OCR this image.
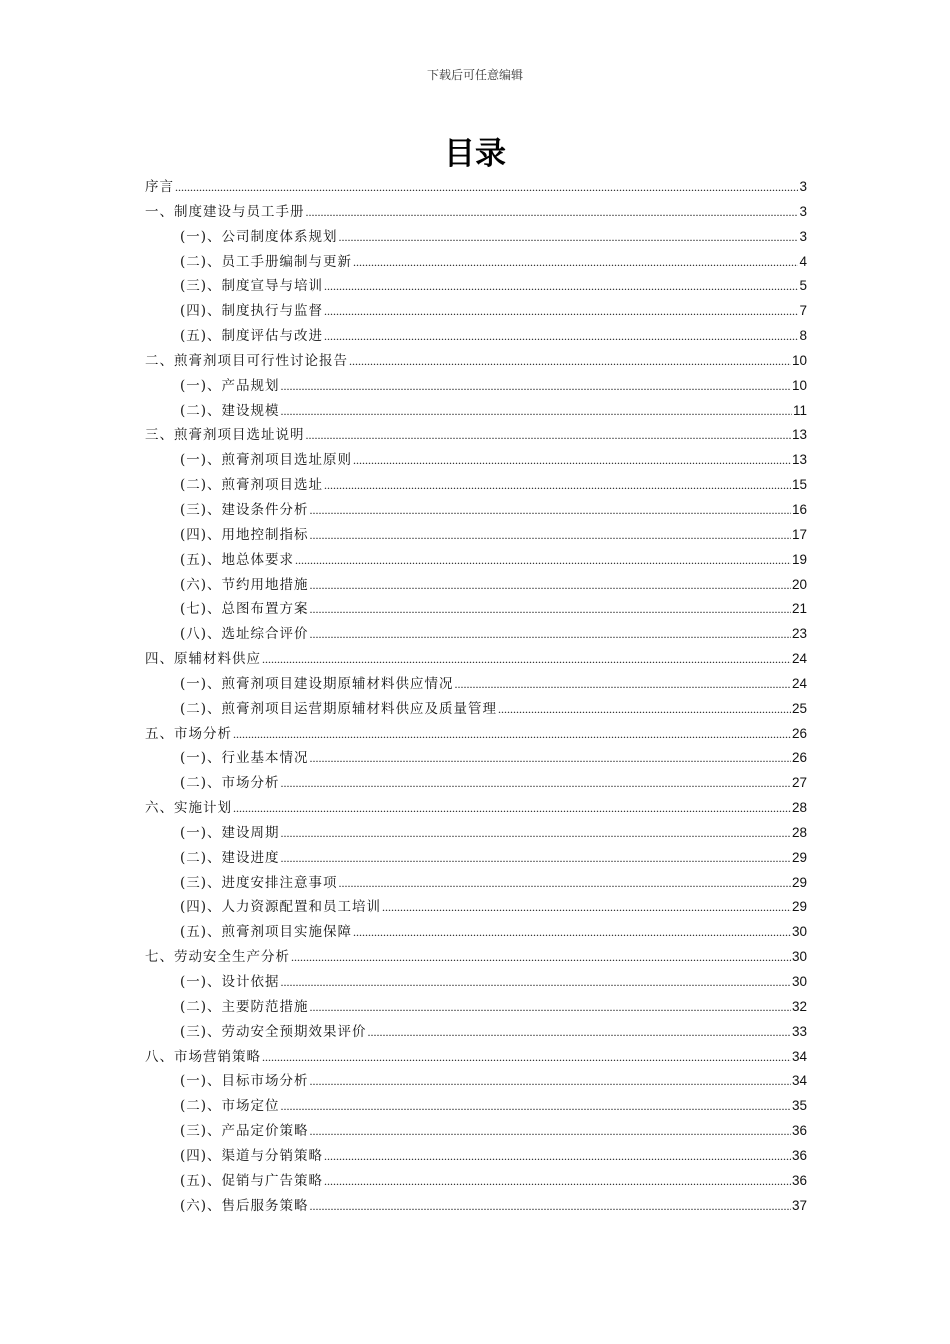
下载后可任意编辑
目录
序言 .....	3
一、制度建设与员工手册 .....	3
(一)、公司制度体系规划 .....	3
(二)、员工手册编制与更新 .....	4
(三)、制度宣导与培训 .....	5
(四)、制度执行与监督 .....	7
(五)、制度评估与改进 .....	8
二、煎膏剂项目可行性讨论报告 .....	10
(一)、产品规划 .....	10
(二)、建设规模 .....	11
三、煎膏剂项目选址说明 .....	13
(一)、煎膏剂项目选址原则 .....	13
(二)、煎膏剂项目选址 .....	15
(三)、建设条件分析 .....	16
(四)、用地控制指标 .....	17
(五)、地总体要求 .....	19
(六)、节约用地措施 .....	20
(七)、总图布置方案 .....	21
(八)、选址综合评价 .....	23
四、原辅材料供应 .....	24
(一)、煎膏剂项目建设期原辅材料供应情况 .....	24
(二)、煎膏剂项目运营期原辅材料供应及质量管理 .....	25
五、市场分析 .....	26
(一)、行业基本情况 .....	26
(二)、市场分析 .....	27
六、实施计划 .....	28
(一)、建设周期 .....	28
(二)、建设进度 .....	29
(三)、进度安排注意事项 .....	29
(四)、人力资源配置和员工培训 .....	29
(五)、煎膏剂项目实施保障 .....	30
七、劳动安全生产分析 .....	30
(一)、设计依据 .....	30
(二)、主要防范措施 .....	32
(三)、劳动安全预期效果评价 .....	33
八、市场营销策略 .....	34
(一)、目标市场分析 .....	34
(二)、市场定位 .....	35
(三)、产品定价策略 .....	36
(四)、渠道与分销策略 .....	36
(五)、促销与广告策略 .....	36
(六)、售后服务策略 .....	37
